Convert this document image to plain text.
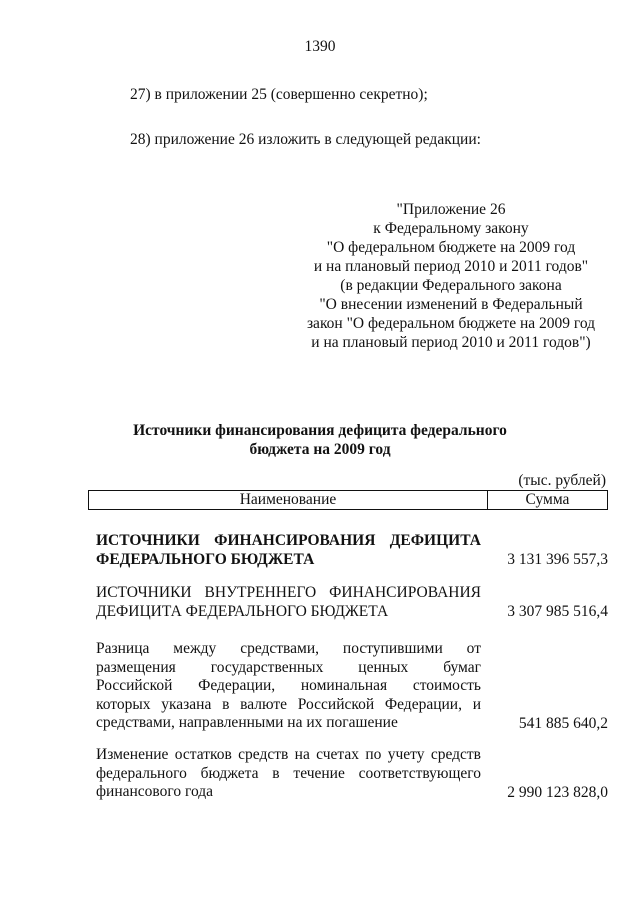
1390
27) в приложении 25 (совершенно секретно);
28) приложение 26 изложить в следующей редакции:
"Приложение 26
к Федеральному закону
"О федеральном бюджете на 2009 год
и на плановый период 2010 и 2011 годов"
(в редакции Федерального закона
"О внесении изменений в Федеральный
закон "О федеральном бюджете на 2009 год
и на плановый период 2010 и 2011 годов")
Источники финансирования дефицита федерального
бюджета на 2009 год
(тыс. рублей)
Наименование	Сумма
ИСТОЧНИКИ ФИНАНСИРОВАНИЯ ДЕФИЦИТА
ФЕДЕРАЛЬНОГО БЮДЖЕТА	3 131 396 557,3
ИСТОЧНИКИ ВНУТРЕННЕГО ФИНАНСИРОВАНИЯ
ДЕФИЦИТА ФЕДЕРАЛЬНОГО БЮДЖЕТА	3 307 985 516,4
Разница между средствами, поступившими от
размещения государственных ценных бумаг
Российской Федерации, номинальная стоимость
которых указана в валюте Российской Федерации, и
средствами, направленными на их погашение	541 885 640,2
Изменение остатков средств на счетах по учету средств
федерального бюджета в течение соответствующего
финансового года	2 990 123 828,0
